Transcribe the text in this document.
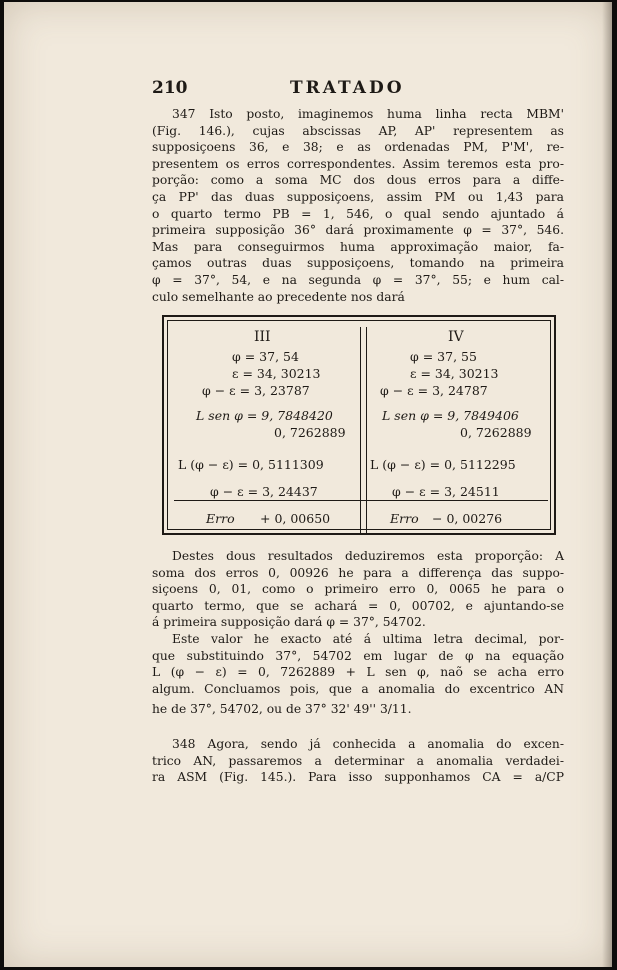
210	TRATADO
347 Isto posto, imaginemos huma linha recta MBM'
(Fig. 146.), cujas abscissas AP, AP' representem as
supposiçoens 36, e 38; e as ordenadas PM, P'M', re-
presentem os erros correspondentes. Assim teremos esta pro-
porção: como a soma MC dos dous erros para a diffe-
ça PP' das duas supposiçoens, assim PM ou 1,43 para
o quarto termo PB = 1, 546, o qual sendo ajuntado á
primeira supposição 36° dará proximamente φ = 37°, 546.
Mas para conseguirmos huma approximação maior, fa-
çamos outras duas supposiçoens, tomando na primeira
φ = 37°, 54, e na segunda φ = 37°, 55; e hum cal-
culo semelhante ao precedente nos dará
III
φ = 37, 54
ε = 34, 30213
φ − ε = 3, 23787
L sen φ = 9, 7848420
0, 7262889
L (φ − ε) = 0, 5111309
φ − ε = 3, 24437
Erro + 0, 00650
IV
φ = 37, 55
ε = 34, 30213
φ − ε = 3, 24787
L sen φ = 9, 7849406
0, 7262889
L (φ − ε) = 0, 5112295
φ − ε = 3, 24511
Erro − 0, 00276
Destes dous resultados deduziremos esta proporção: A
soma dos erros 0, 00926 he para a differença das suppo-
siçoens 0, 01, como o primeiro erro 0, 0065 he para o
quarto termo, que se achará = 0, 00702, e ajuntando-se
á primeira supposição dará φ = 37°, 54702.
Este valor he exacto até á ultima letra decimal, por-
que substituindo 37°, 54702 em lugar de φ na equação
L (φ − ε) = 0, 7262889 + L sen φ, naõ se acha erro
algum. Concluamos pois, que a anomalia do excentrico AN
he de 37°, 54702, ou de 37° 32' 49'' 3/11.
348 Agora, sendo já conhecida a anomalia do excen-
trico AN, passaremos a determinar a anomalia verdadei-
ra ASM (Fig. 145.). Para isso supponhamos CA = a/CP
